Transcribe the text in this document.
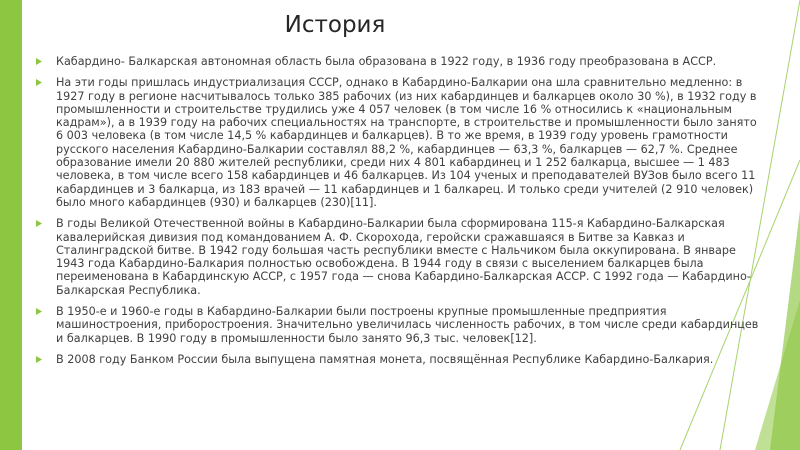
История
Кабардино- Балкарская автономная область была образована в 1922 году, в 1936 году преобразована в АССР.
На эти годы пришлась индустриализация СССР, однако в Кабардино-Балкарии она шла сравнительно медленно: в 1927 году в регионе насчитывалось только 385 рабочих (из них кабардинцев и балкарцев около 30 %), в 1932 году в промышленности и строительстве трудились уже 4 057 человек (в том числе 16 % относились к «национальным кадрам»), а в 1939 году на рабочих специальностях на транспорте, в строительстве и промышленности было занято 6 003 человека (в том числе 14,5 % кабардинцев и балкарцев). В то же время, в 1939 году уровень грамотности русского населения Кабардино-Балкарии составлял 88,2 %, кабардинцев — 63,3 %, балкарцев — 62,7 %. Среднее образование имели 20 880 жителей республики, среди них 4 801 кабардинец и 1 252 балкарца, высшее — 1 483 человека, в том числе всего 158 кабардинцев и 46 балкарцев. Из 104 ученых и преподавателей ВУЗов было всего 11 кабардинцев и 3 балкарца, из 183 врачей — 11 кабардинцев и 1 балкарец. И только среди учителей (2 910 человек) было много кабардинцев (930) и балкарцев (230)[11].
В годы Великой Отечественной войны в Кабардино-Балкарии была сформирована 115-я Кабардино-Балкарская кавалерийская дивизия под командованием А. Ф. Скорохода, геройски сражавшаяся в Битве за Кавказ и Сталинградской битве. В 1942 году большая часть республики вместе с Нальчиком была оккупирована. В январе 1943 года Кабардино-Балкария полностью освобождена. В 1944 году в связи с выселением балкарцев была переименована в Кабардинскую АССР, с 1957 года — снова Кабардино-Балкарская АССР. С 1992 года — Кабардино-Балкарская Республика.
В 1950-е и 1960-е годы в Кабардино-Балкарии были построены крупные промышленные предприятия машиностроения, приборостроения. Значительно увеличилась численность рабочих, в том числе среди кабардинцев и балкарцев. В 1990 году в промышленности было занято 96,3 тыс. человек[12].
В 2008 году Банком России была выпущена памятная монета, посвящённая Республике Кабардино-Балкария.
